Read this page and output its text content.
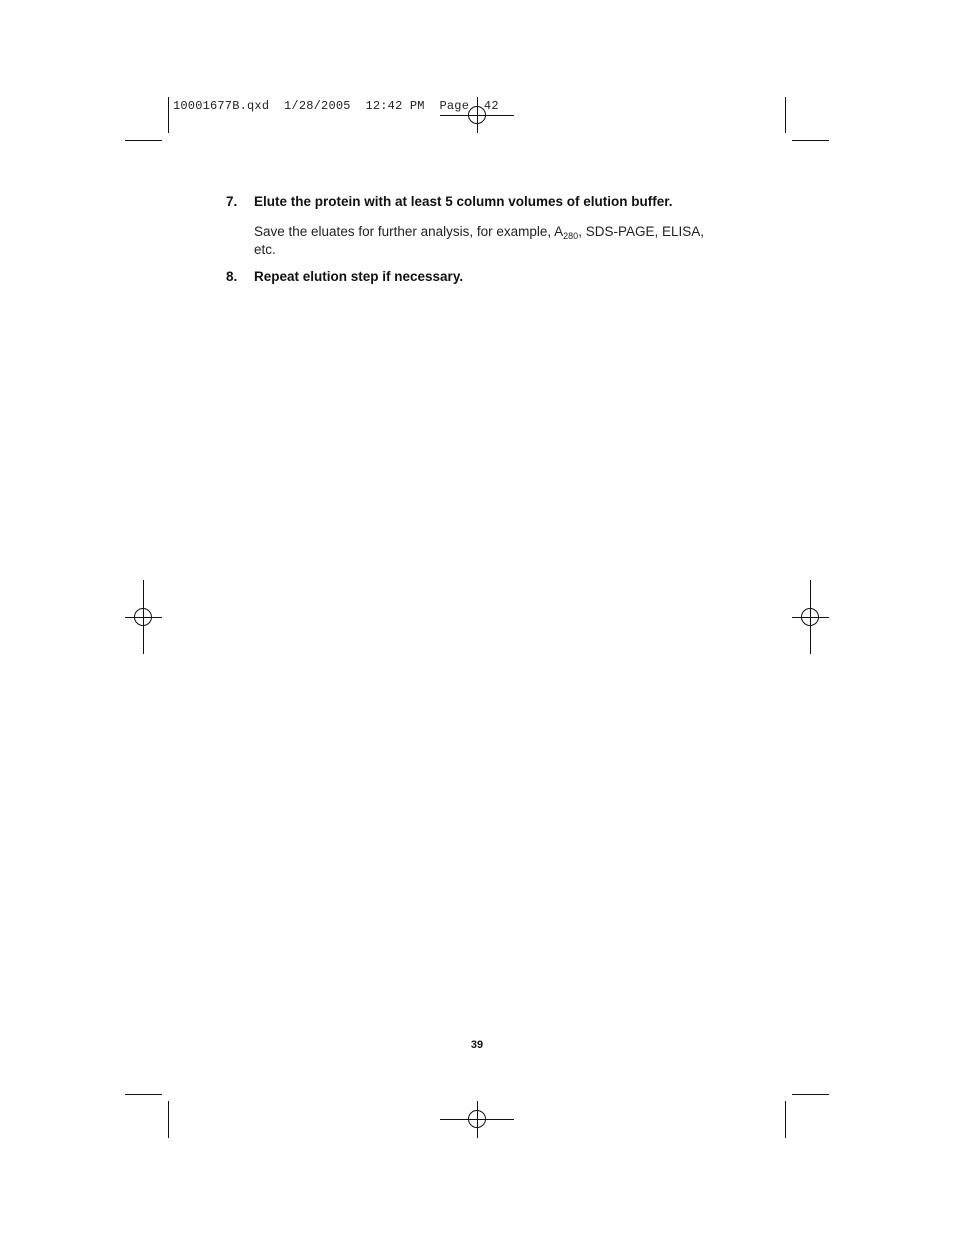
10001677B.qxd 1/28/2005 12:42 PM Page 42
7. Elute the protein with at least 5 column volumes of elution buffer.
Save the eluates for further analysis, for example, $A_{280}$, SDS-PAGE, ELISA, etc.
8. Repeat elution step if necessary.
39
